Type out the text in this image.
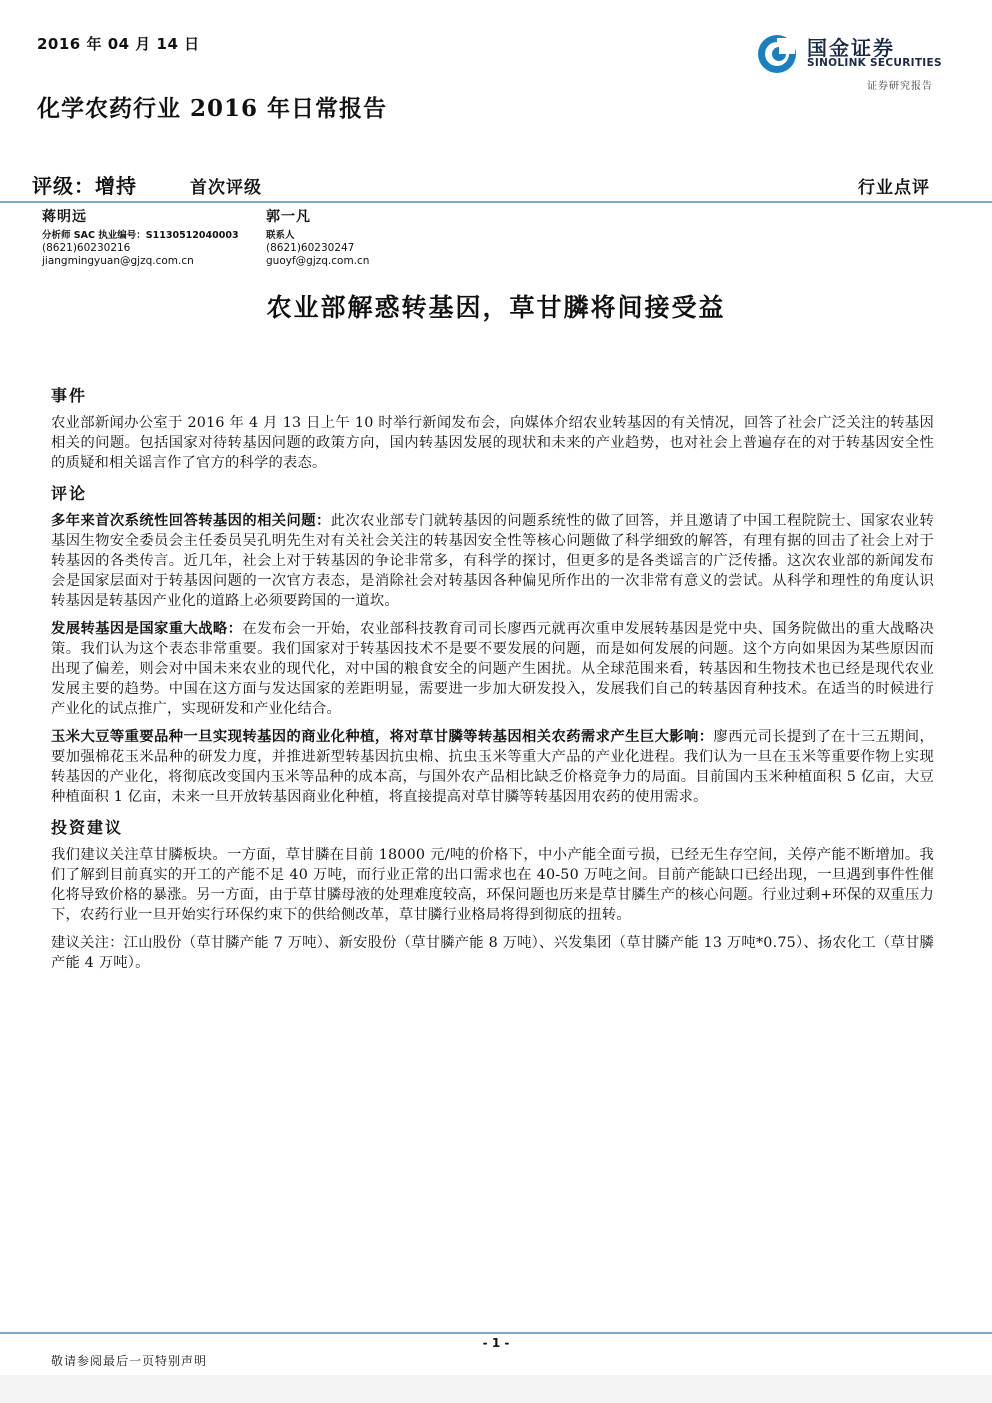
2016 年 04 月 14 日	国金证券
SINOLINK SECURITIES
证券研究报告
化学农药行业 2016 年日常报告
评级：增持	首次评级	行业点评
蒋明远
分析师 SAC 执业编号：S1130512040003
(8621)60230216
jiangmingyuan@gjzq.com.cn
郭一凡
联系人
(8621)60230247
guoyf@gjzq.com.cn
农业部解惑转基因，草甘膦将间接受益
事件

农业部新闻办公室于 2016 年 4 月 13 日上午 10 时举行新闻发布会，向媒体介绍农业转基因的有关情况，回答了社会广泛关注的转基因相关的问题。包括国家对待转基因问题的政策方向，国内转基因发展的现状和未来的产业趋势，也对社会上普遍存在的对于转基因安全性的质疑和相关谣言作了官方的科学的表态。

评论

多年来首次系统性回答转基因的相关问题：此次农业部专门就转基因的问题系统性的做了回答，并且邀请了中国工程院院士、国家农业转基因生物安全委员会主任委员吴孔明先生对有关社会关注的转基因安全性等核心问题做了科学细致的解答，有理有据的回击了社会上对于转基因的各类传言。近几年，社会上对于转基因的争论非常多，有科学的探讨，但更多的是各类谣言的广泛传播。这次农业部的新闻发布会是国家层面对于转基因问题的一次官方表态，是消除社会对转基因各种偏见所作出的一次非常有意义的尝试。从科学和理性的角度认识转基因是转基因产业化的道路上必须要跨国的一道坎。

发展转基因是国家重大战略：在发布会一开始，农业部科技教育司司长廖西元就再次重申发展转基因是党中央、国务院做出的重大战略决策。我们认为这个表态非常重要。我们国家对于转基因技术不是要不要发展的问题，而是如何发展的问题。这个方向如果因为某些原因而出现了偏差，则会对中国未来农业的现代化，对中国的粮食安全的问题产生困扰。从全球范围来看，转基因和生物技术也已经是现代农业发展主要的趋势。中国在这方面与发达国家的差距明显，需要进一步加大研发投入，发展我们自己的转基因育种技术。在适当的时候进行产业化的试点推广，实现研发和产业化结合。

玉米大豆等重要品种一旦实现转基因的商业化种植，将对草甘膦等转基因相关农药需求产生巨大影响：廖西元司长提到了在十三五期间，要加强棉花玉米品种的研发力度，并推进新型转基因抗虫棉、抗虫玉米等重大产品的产业化进程。我们认为一旦在玉米等重要作物上实现转基因的产业化，将彻底改变国内玉米等品种的成本高，与国外农产品相比缺乏价格竞争力的局面。目前国内玉米种植面积 5 亿亩，大豆种植面积 1 亿亩，未来一旦开放转基因商业化种植，将直接提高对草甘膦等转基因用农药的使用需求。

投资建议

我们建议关注草甘膦板块。一方面，草甘膦在目前 18000 元/吨的价格下，中小产能全面亏损，已经无生存空间，关停产能不断增加。我们了解到目前真实的开工的产能不足 40 万吨，而行业正常的出口需求也在 40-50 万吨之间。目前产能缺口已经出现，一旦遇到事件性催化将导致价格的暴涨。另一方面，由于草甘膦母液的处理难度较高，环保问题也历来是草甘膦生产的核心问题。行业过剩+环保的双重压力下，农药行业一旦开始实行环保约束下的供给侧改革，草甘膦行业格局将得到彻底的扭转。

建议关注：江山股份（草甘膦产能 7 万吨）、新安股份（草甘膦产能 8 万吨）、兴发集团（草甘膦产能 13 万吨*0.75）、扬农化工（草甘膦产能 4 万吨）。

- 1 -
敬请参阅最后一页特别声明
